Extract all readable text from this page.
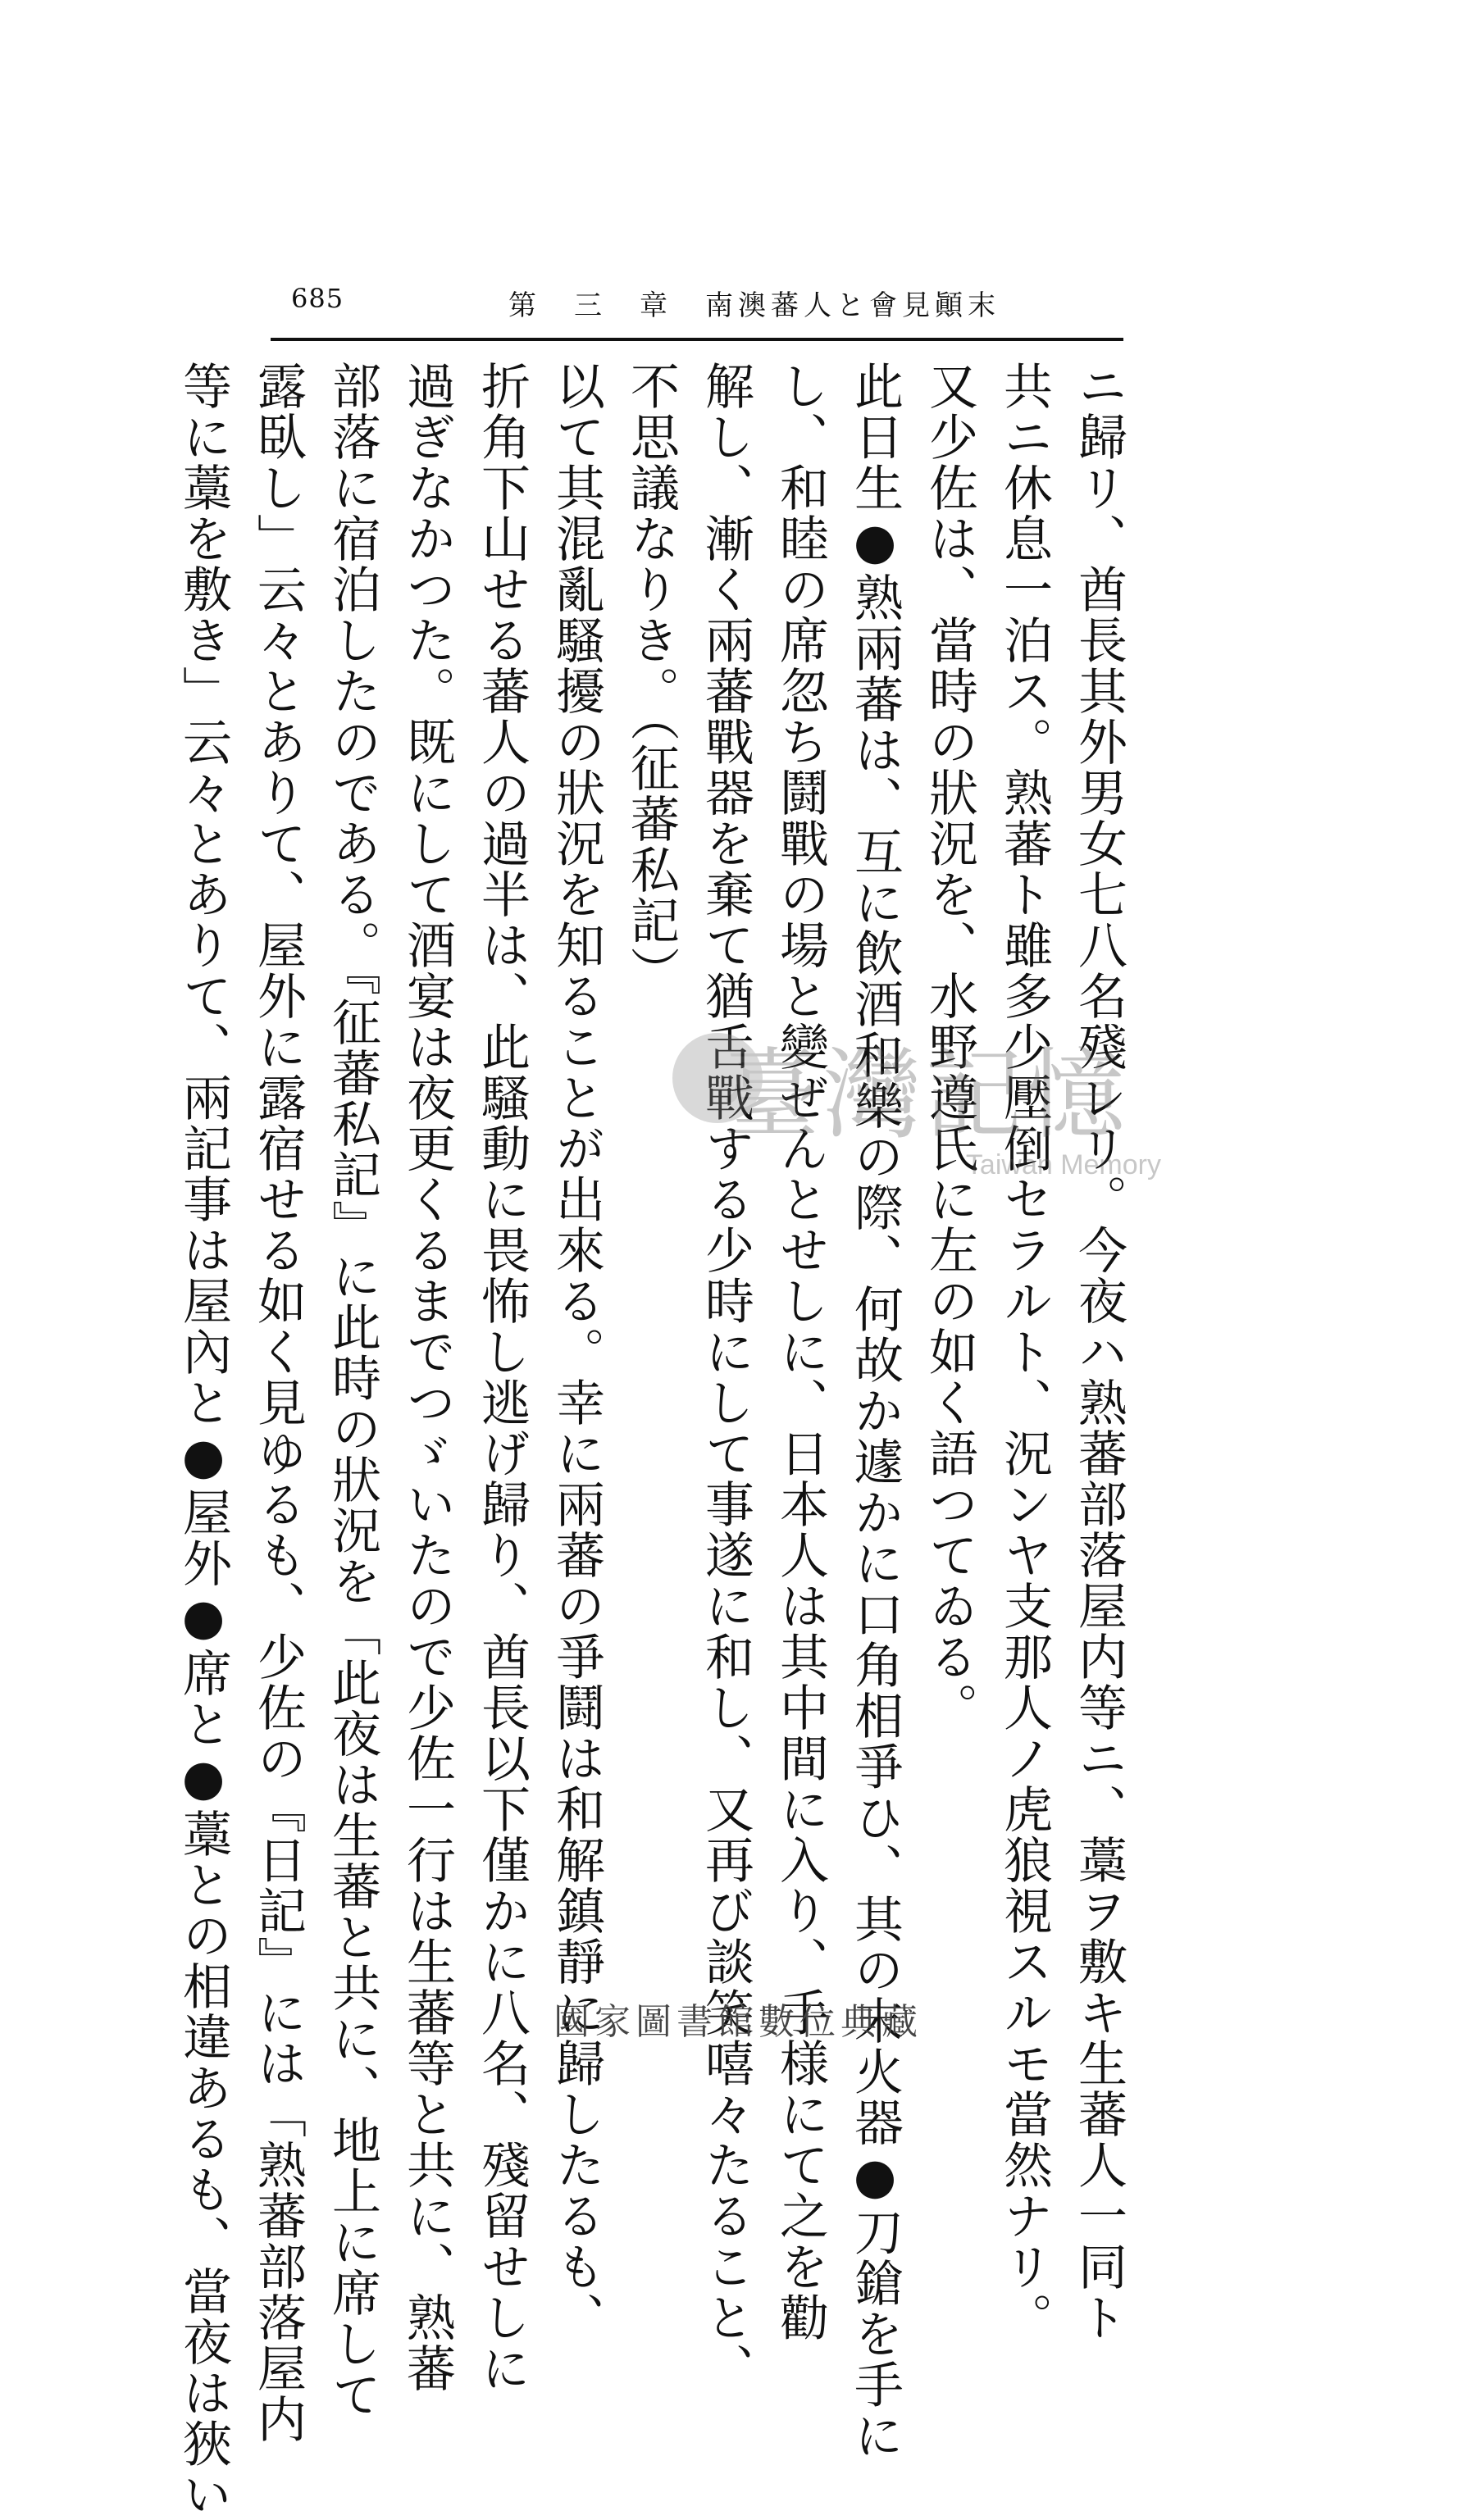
685	第　三　章　南澳蕃人と會見顚末
ニ歸リ、酋長其外男女七八名殘レリ。今夜ハ熟蕃部落屋内等ニ、藁ヲ敷キ生蕃人一同ト
共ニ休息一泊ス。熟蕃ト雖多少壓倒セラルト、況ンヤ支那人ノ虎狼視スルモ當然ナリ。
又少佐は、當時の狀況を、水野遵氏に左の如く語つてゐる。
此日生●熟兩蕃は、互に飲酒和樂の際、何故か遽かに口角相爭ひ、其の末火器●刀鎗を手に
し、和睦の席忽ち鬪戰の場と變ぜんとせしに、日本人は其中間に入り、手様にて之を勸
解し、漸く兩蕃戰器を棄て猶舌戰する少時にして事遂に和し、又再び談笑嘻々たること、
不思議なりき。（征蕃私記）
以て其混亂騷擾の狀況を知ることが出來る。幸に兩蕃の爭鬪は和解鎮靜に歸したるも、
折角下山せる蕃人の過半は、此騷動に畏怖し逃げ歸り、酋長以下僅かに八名、殘留せしに
過ぎなかつた。既にして酒宴は夜更くるまでつゞいたので少佐一行は生蕃等と共に、熟蕃
部落に宿泊したのである。『征蕃私記』に此時の狀況を「此夜は生蕃と共に、地上に席して
露臥し」云々とありて、屋外に露宿せる如く見ゆるも、少佐の『日記』には「熟蕃部落屋内
等に藁を敷き」云々とありて、兩記事は屋內と●屋外●席と●藁との相違あるも、當夜は狹い	臺灣記憶
Taiwan Memory
國家圖書館數位典藏
